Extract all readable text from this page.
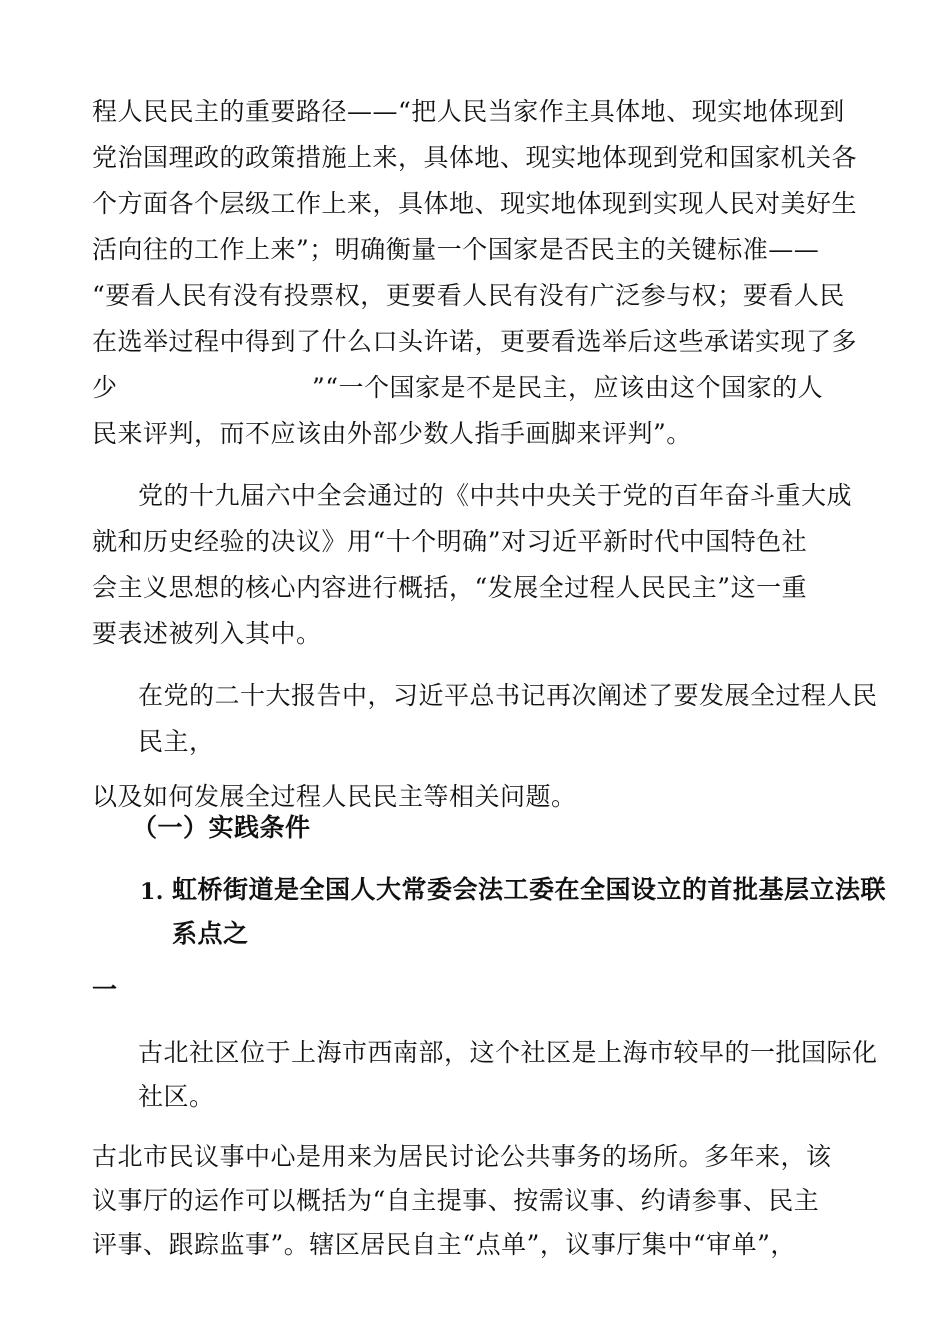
程人民民主的重要路径——“把人民当家作主具体地、现实地体现到
党治国理政的政策措施上来，具体地、现实地体现到党和国家机关各
个方面各个层级工作上来，具体地、现实地体现到实现人民对美好生
活向往的工作上来”；明确衡量一个国家是否民主的关键标准——
“要看人民有没有投票权，更要看人民有没有广泛参与权；要看人民
在选举过程中得到了什么口头许诺，更要看选举后这些承诺实现了多
少	”“一个国家是不是民主，应该由这个国家的人
民来评判，而不应该由外部少数人指手画脚来评判”。
党的十九届六中全会通过的《中共中央关于党的百年奋斗重大成
就和历史经验的决议》用“十个明确”对习近平新时代中国特色社
会主义思想的核心内容进行概括，“发展全过程人民民主”这一重
要表述被列入其中。
在党的二十大报告中，习近平总书记再次阐述了要发展全过程人民
民主，
以及如何发展全过程人民民主等相关问题。
（一）实践条件
1. 虹桥街道是全国人大常委会法工委在全国设立的首批基层立法联
系点之
一
古北社区位于上海市西南部，这个社区是上海市较早的一批国际化
社区。
古北市民议事中心是用来为居民讨论公共事务的场所。多年来，该
议事厅的运作可以概括为“自主提事、按需议事、约请参事、民主
评事、跟踪监事”。辖区居民自主“点单”，议事厅集中“审单”，
